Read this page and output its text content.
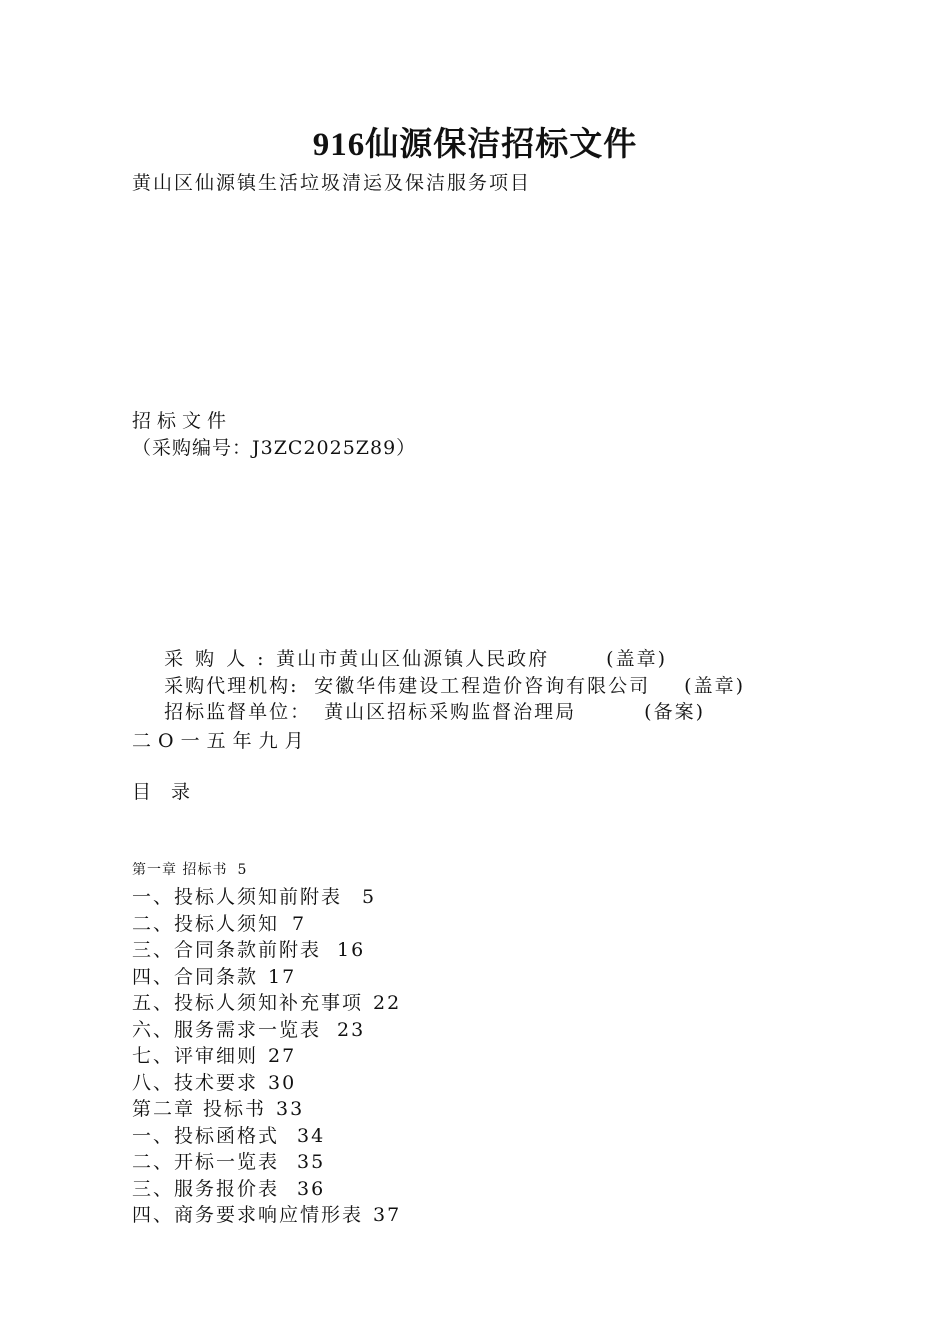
916仙源保洁招标文件
黄山区仙源镇生活垃圾清运及保洁服务项目
招标文件
（采购编号：J3ZC2025Z89）

采购人:黄山市黄山区仙源镇人民政府	(盖章)

采购代理机构: 安徽华伟建设工程造价咨询有限公司 (盖章)

招标监督单位： 黄山区招标采购监督治理局	(备案)

二O一五年九月
目录
第一章 招标书 5
一、投标人须知前附表	5
二、投标人须知 7
三、合同条款前附表 16
四、合同条款 17
五、投标人须知补充事项 22
六、服务需求一览表 23
七、评审细则 27
八、技术要求 30
第二章 投标书 33
一、投标函格式 34
二、开标一览表 35
三、服务报价表 36
四、商务要求响应情形表 37
